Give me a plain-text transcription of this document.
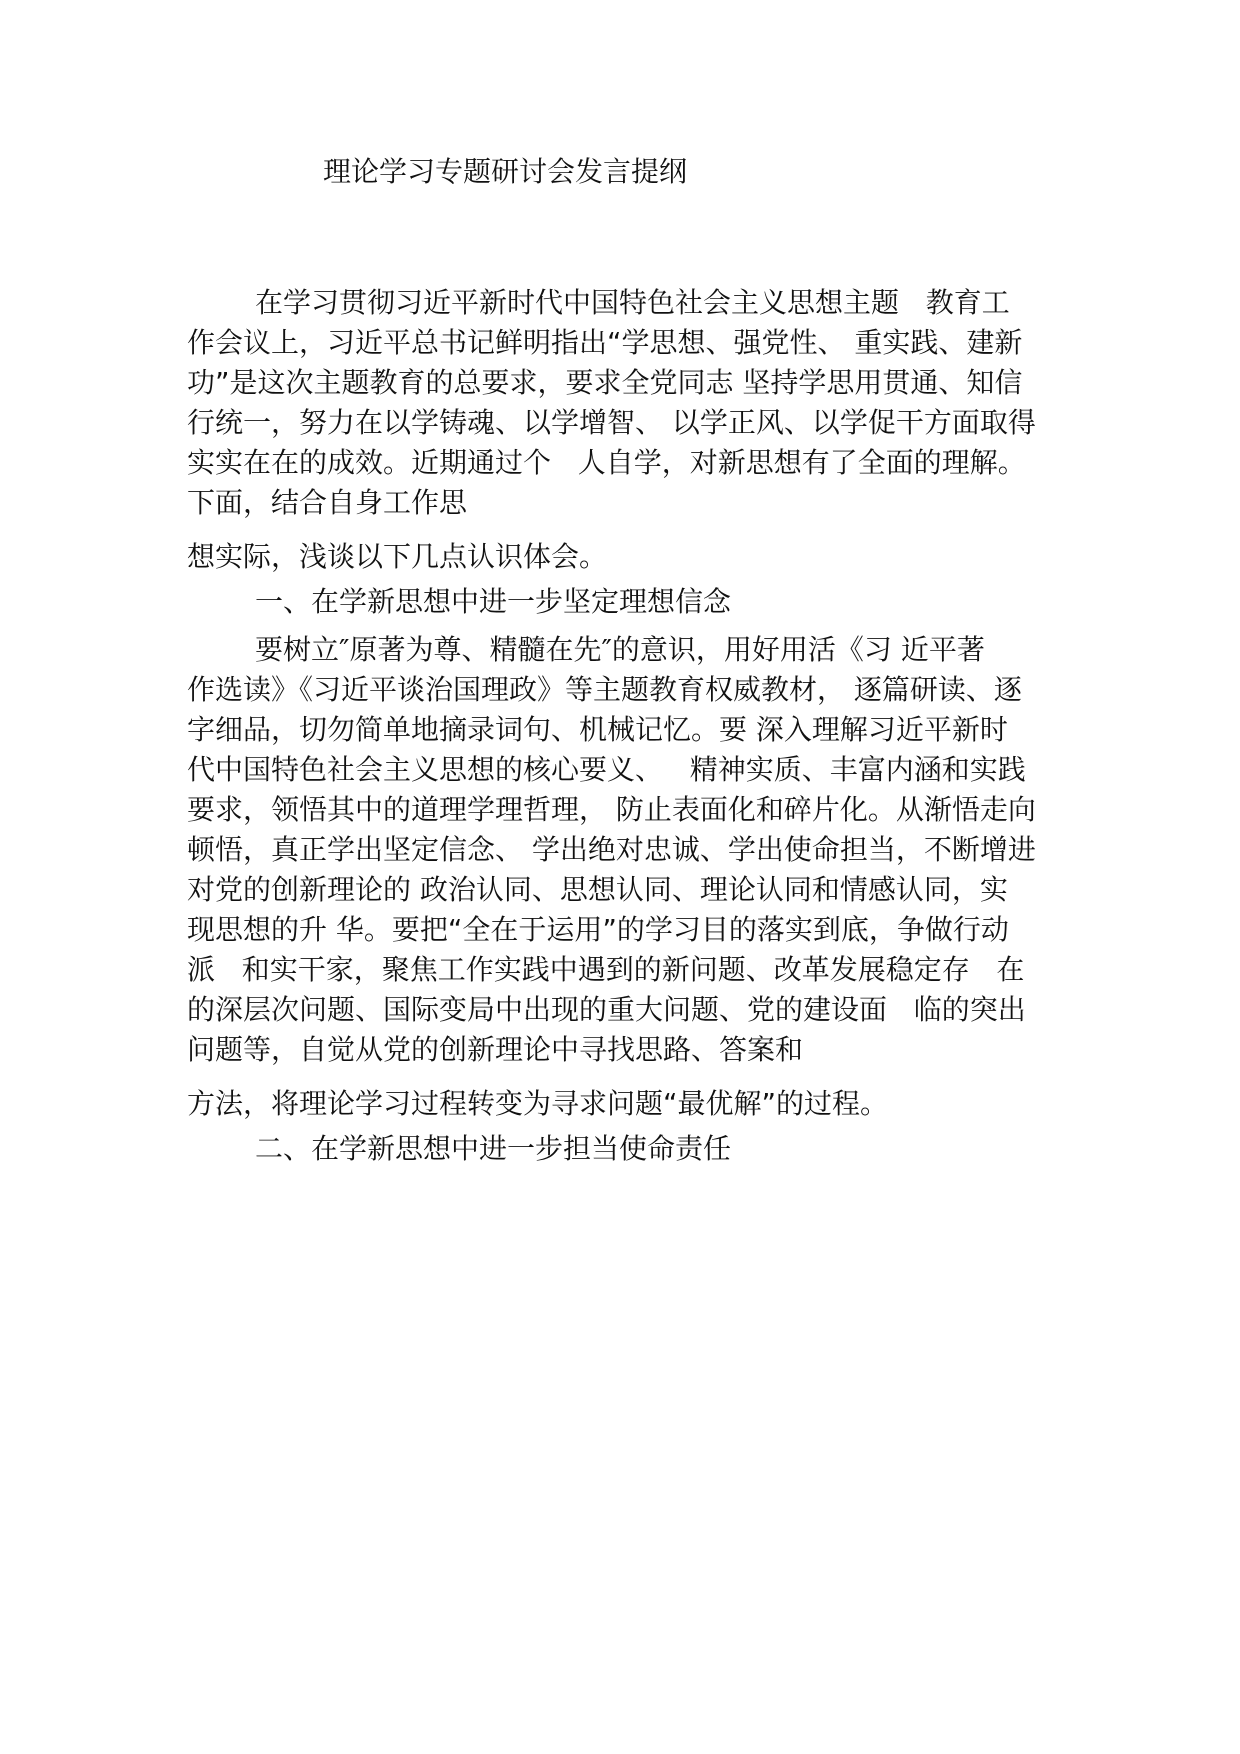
理论学习专题研讨会发言提纲
在学习贯彻习近平新时代中国特色社会主义思想主题   教育工
作会议上，习近平总书记鲜明指出“学思想、强党性、 重实践、建新
功”是这次主题教育的总要求，要求全党同志 坚持学思用贯通、知信
行统一，努力在以学铸魂、以学增智、 以学正风、以学促干方面取得
实实在在的成效。近期通过个   人自学，对新思想有了全面的理解。
下面，结合自身工作思
想实际，浅谈以下几点认识体会。
一、在学新思想中进一步坚定理想信念
要树立″原著为尊、精髓在先″的意识，用好用活《习 近平著
作选读》《习近平谈治国理政》等主题教育权威教材， 逐篇研读、逐
字细品，切勿简单地摘录词句、机械记忆。要 深入理解习近平新时
代中国特色社会主义思想的核心要义、   精神实质、丰富内涵和实践
要求，领悟其中的道理学理哲理， 防止表面化和碎片化。从渐悟走向
顿悟，真正学出坚定信念、 学出绝对忠诚、学出使命担当，不断增进
对党的创新理论的 政治认同、思想认同、理论认同和情感认同，实
现思想的升 华。要把“全在于运用”的学习目的落实到底，争做行动
派   和实干家，聚焦工作实践中遇到的新问题、改革发展稳定存   在
的深层次问题、国际变局中出现的重大问题、党的建设面   临的突出
问题等，自觉从党的创新理论中寻找思路、答案和
方法，将理论学习过程转变为寻求问题“最优解”的过程。
二、在学新思想中进一步担当使命责任
